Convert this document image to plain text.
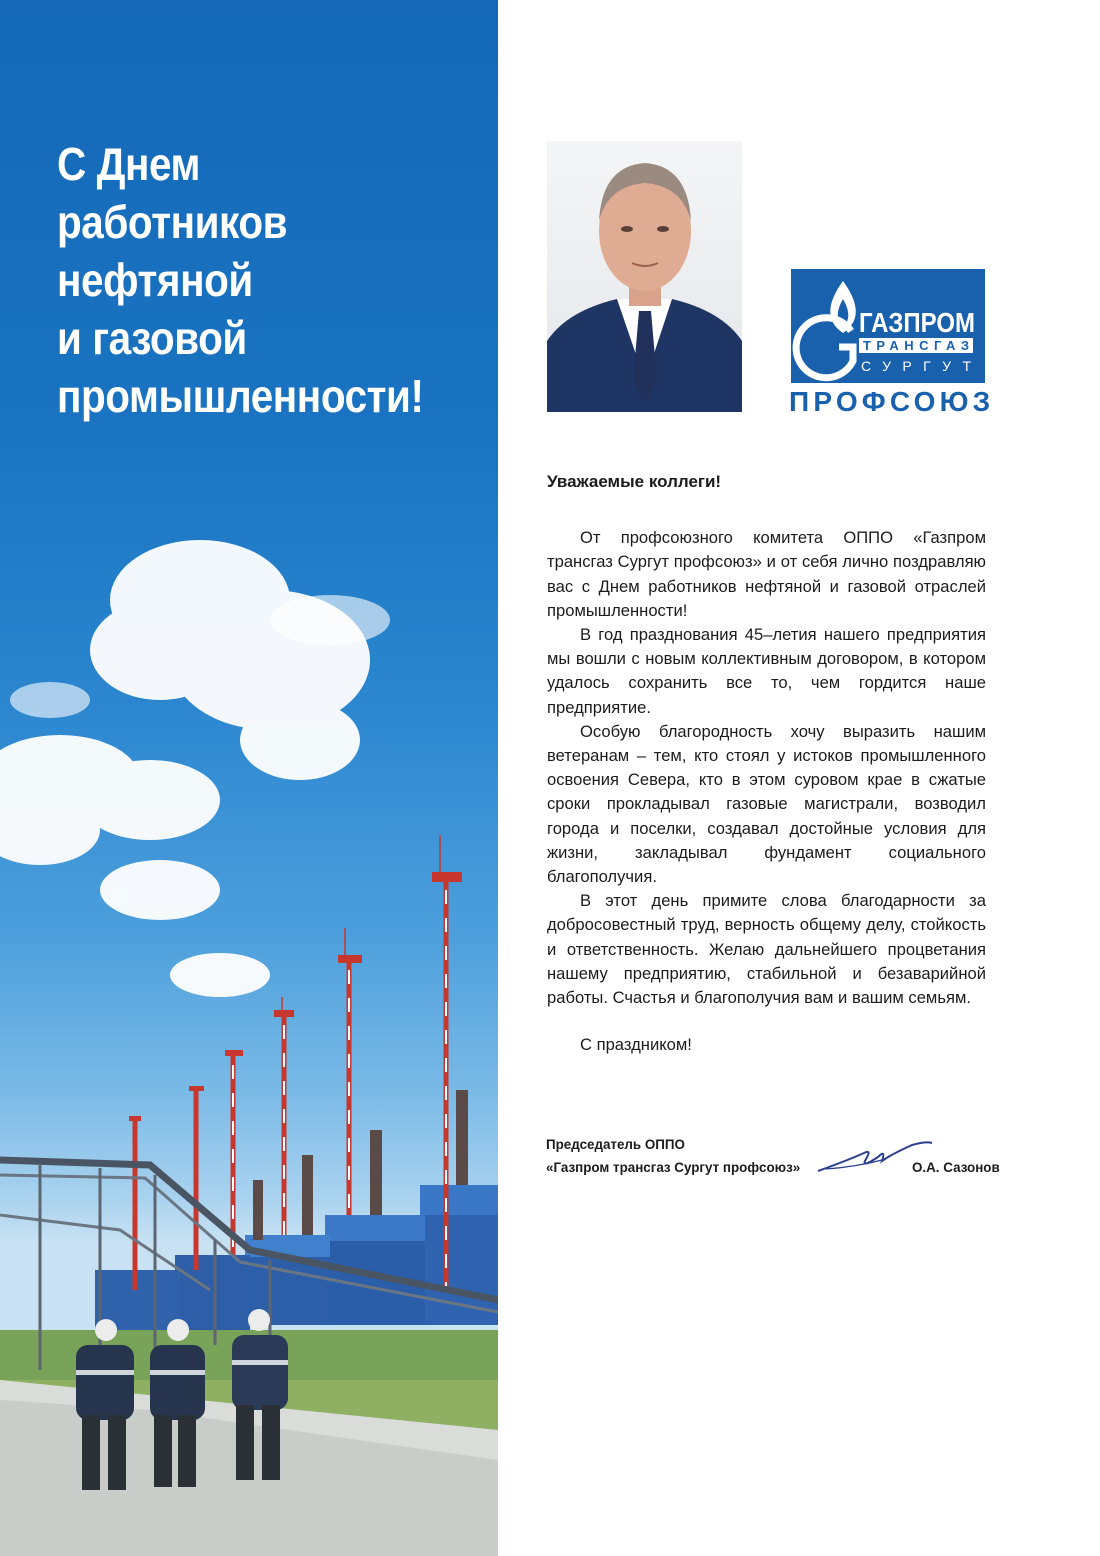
С Днем
работников
нефтяной
и газовой
промышленности!
ГАЗПРОМ
ТРАНСГАЗ
СУРГУТ
ПРОФСОЮЗ

Уважаемые коллеги!

От профсоюзного комитета ОППО «Газпром трансгаз Сургут профсоюз» и от себя лично поздравляю вас с Днем работников нефтяной и газовой отраслей промышленности!

В год празднования 45–летия нашего предприятия мы вошли с новым коллективным договором, в котором удалось сохранить все то, чем гордится наше предприятие.

Особую благородность хочу выразить нашим ветеранам – тем, кто стоял у истоков промышленного освоения Севера, кто в этом суровом крае в сжатые сроки прокладывал газовые магистрали, возводил города и поселки, создавал достойные условия для жизни, закладывал фундамент социального благополучия.

В этот день примите слова благодарности за добросовестный труд, верность общему делу, стойкость и ответственность. Желаю дальнейшего процветания нашему предприятию, стабильной и безаварийной работы. Счастья и благополучия вам и вашим семьям.

С праздником!

Председатель ОППО
«Газпром трансгаз Сургут профсоюз»	О.А. Сазонов
